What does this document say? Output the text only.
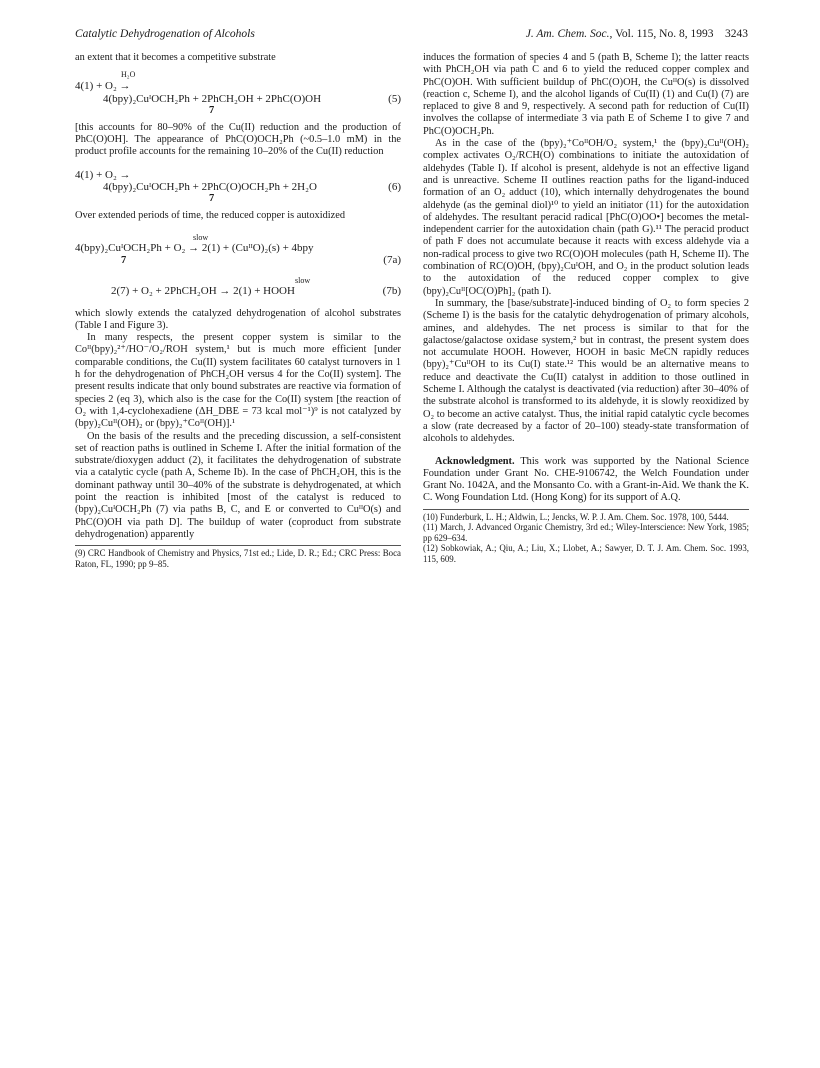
Catalytic Dehydrogenation of Alcohols	J. Am. Chem. Soc., Vol. 115, No. 8, 1993 3243

an extent that it becomes a competitive substrate

H₂O
4(1) + O₂ →
4(bpy)₂CuᴵOCH₂Ph + 2PhCH₂OH + 2PhC(O)OH	(5)
7

[this accounts for 80–90% of the Cu(II) reduction and the production of PhC(O)OH]. The appearance of PhC(O)OCH₂Ph (~0.5–1.0 mM) in the product profile accounts for the remaining 10–20% of the Cu(II) reduction

4(1) + O₂ →
4(bpy)₂CuᴵOCH₂Ph + 2PhC(O)OCH₂Ph + 2H₂O	(6)
7

Over extended periods of time, the reduced copper is autoxidized

slow
4(bpy)₂CuᴵOCH₂Ph + O₂ → 2(1) + (CuᴵᴵO)₂(s) + 4bpy
7	(7a)
slow
2(7) + O₂ + 2PhCH₂OH → 2(1) + HOOH	(7b)

which slowly extends the catalyzed dehydrogenation of alcohol substrates (Table I and Figure 3).

In many respects, the present copper system is similar to the Coᴵᴵ(bpy)₂²⁺/HO⁻/O₂/ROH system,¹ but is much more efficient [under comparable conditions, the Cu(II) system facilitates 60 catalyst turnovers in 1 h for the dehydrogenation of PhCH₂OH versus 4 for the Co(II) system]. The present results indicate that only bound substrates are reactive via formation of species 2 (eq 3), which also is the case for the Co(II) system [the reaction of O₂ with 1,4-cyclohexadiene (ΔH_DBE = 73 kcal mol⁻¹)⁹ is not catalyzed by (bpy)₂Cuᴵᴵ(OH)₂ or (bpy)₂⁺Coᴵᴵ(OH)].¹

On the basis of the results and the preceding discussion, a self-consistent set of reaction paths is outlined in Scheme I. After the initial formation of the substrate/dioxygen adduct (2), it facilitates the dehydrogenation of substrate via a catalytic cycle (path A, Scheme Ib). In the case of PhCH₂OH, this is the dominant pathway until 30–40% of the substrate is dehydrogenated, at which point the reaction is inhibited [most of the catalyst is reduced to (bpy)₂CuᴵOCH₂Ph (7) via paths B, C, and E or converted to CuᴵᴵO(s) and PhC(O)OH via path D]. The buildup of water (coproduct from substrate dehydrogenation) apparently

(9) CRC Handbook of Chemistry and Physics, 71st ed.; Lide, D. R.; Ed.; CRC Press: Boca Raton, FL, 1990; pp 9–85.

induces the formation of species 4 and 5 (path B, Scheme I); the latter reacts with PhCH₂OH via path C and 6 to yield the reduced copper complex and PhC(O)OH. With sufficient buildup of PhC(O)OH, the CuᴵᴵO(s) is dissolved (reaction c, Scheme I), and the alcohol ligands of Cu(II) (1) and Cu(I) (7) are replaced to give 8 and 9, respectively. A second path for reduction of Cu(II) involves the collapse of intermediate 3 via path E of Scheme I to give 7 and PhC(O)OCH₂Ph.

As in the case of the (bpy)₂⁺CoᴵᴵOH/O₂ system,¹ the (bpy)₂Cuᴵᴵ(OH)₂ complex activates O₂/RCH(O) combinations to initiate the autoxidation of aldehydes (Table I). If alcohol is present, aldehyde is not an effective ligand and is unreactive. Scheme II outlines reaction paths for the ligand-induced formation of an O₂ adduct (10), which internally dehydrogenates the bound aldehyde (as the geminal diol)¹⁰ to yield an initiator (11) for the autoxidation of aldehydes. The resultant peracid radical [PhC(O)OO•] becomes the metal-independent carrier for the autoxidation chain (path G).¹¹ The peracid product of path F does not accumulate because it reacts with excess aldehyde via a non-radical process to give two RC(O)OH molecules (path H, Scheme II). The combination of RC(O)OH, (bpy)₂CuᴵOH, and O₂ in the product solution leads to the autoxidation of the reduced copper complex to give (bpy)₂Cuᴵᴵ[OC(O)Ph]₂ (path I).

In summary, the [base/substrate]-induced binding of O₂ to form species 2 (Scheme I) is the basis for the catalytic dehydrogenation of primary alcohols, amines, and aldehydes. The net process is similar to that for the galactose/galactose oxidase system,² but in contrast, the present system does not accumulate HOOH. However, HOOH in basic MeCN rapidly reduces (bpy)₂⁺CuᴵᴵOH to its Cu(I) state.¹² This would be an alternative means to reduce and deactivate the Cu(II) catalyst in addition to those outlined in Scheme I. Although the catalyst is deactivated (via reduction) after 30–40% of the substrate alcohol is transformed to its aldehyde, it is slowly reoxidized by O₂ to become an active catalyst. Thus, the initial rapid catalytic cycle becomes a slow (rate decreased by a factor of 20–100) steady-state transformation of alcohols to aldehydes.

Acknowledgment. This work was supported by the National Science Foundation under Grant No. CHE-9106742, the Welch Foundation under Grant No. 1042A, and the Monsanto Co. with a Grant-in-Aid. We thank the K. C. Wong Foundation Ltd. (Hong Kong) for its support of A.Q.

(10) Funderburk, L. H.; Aldwin, L.; Jencks, W. P. J. Am. Chem. Soc. 1978, 100, 5444.

(11) March, J. Advanced Organic Chemistry, 3rd ed.; Wiley-Interscience: New York, 1985; pp 629–634.

(12) Sobkowiak, A.; Qiu, A.; Liu, X.; Llobet, A.; Sawyer, D. T. J. Am. Chem. Soc. 1993, 115, 609.
